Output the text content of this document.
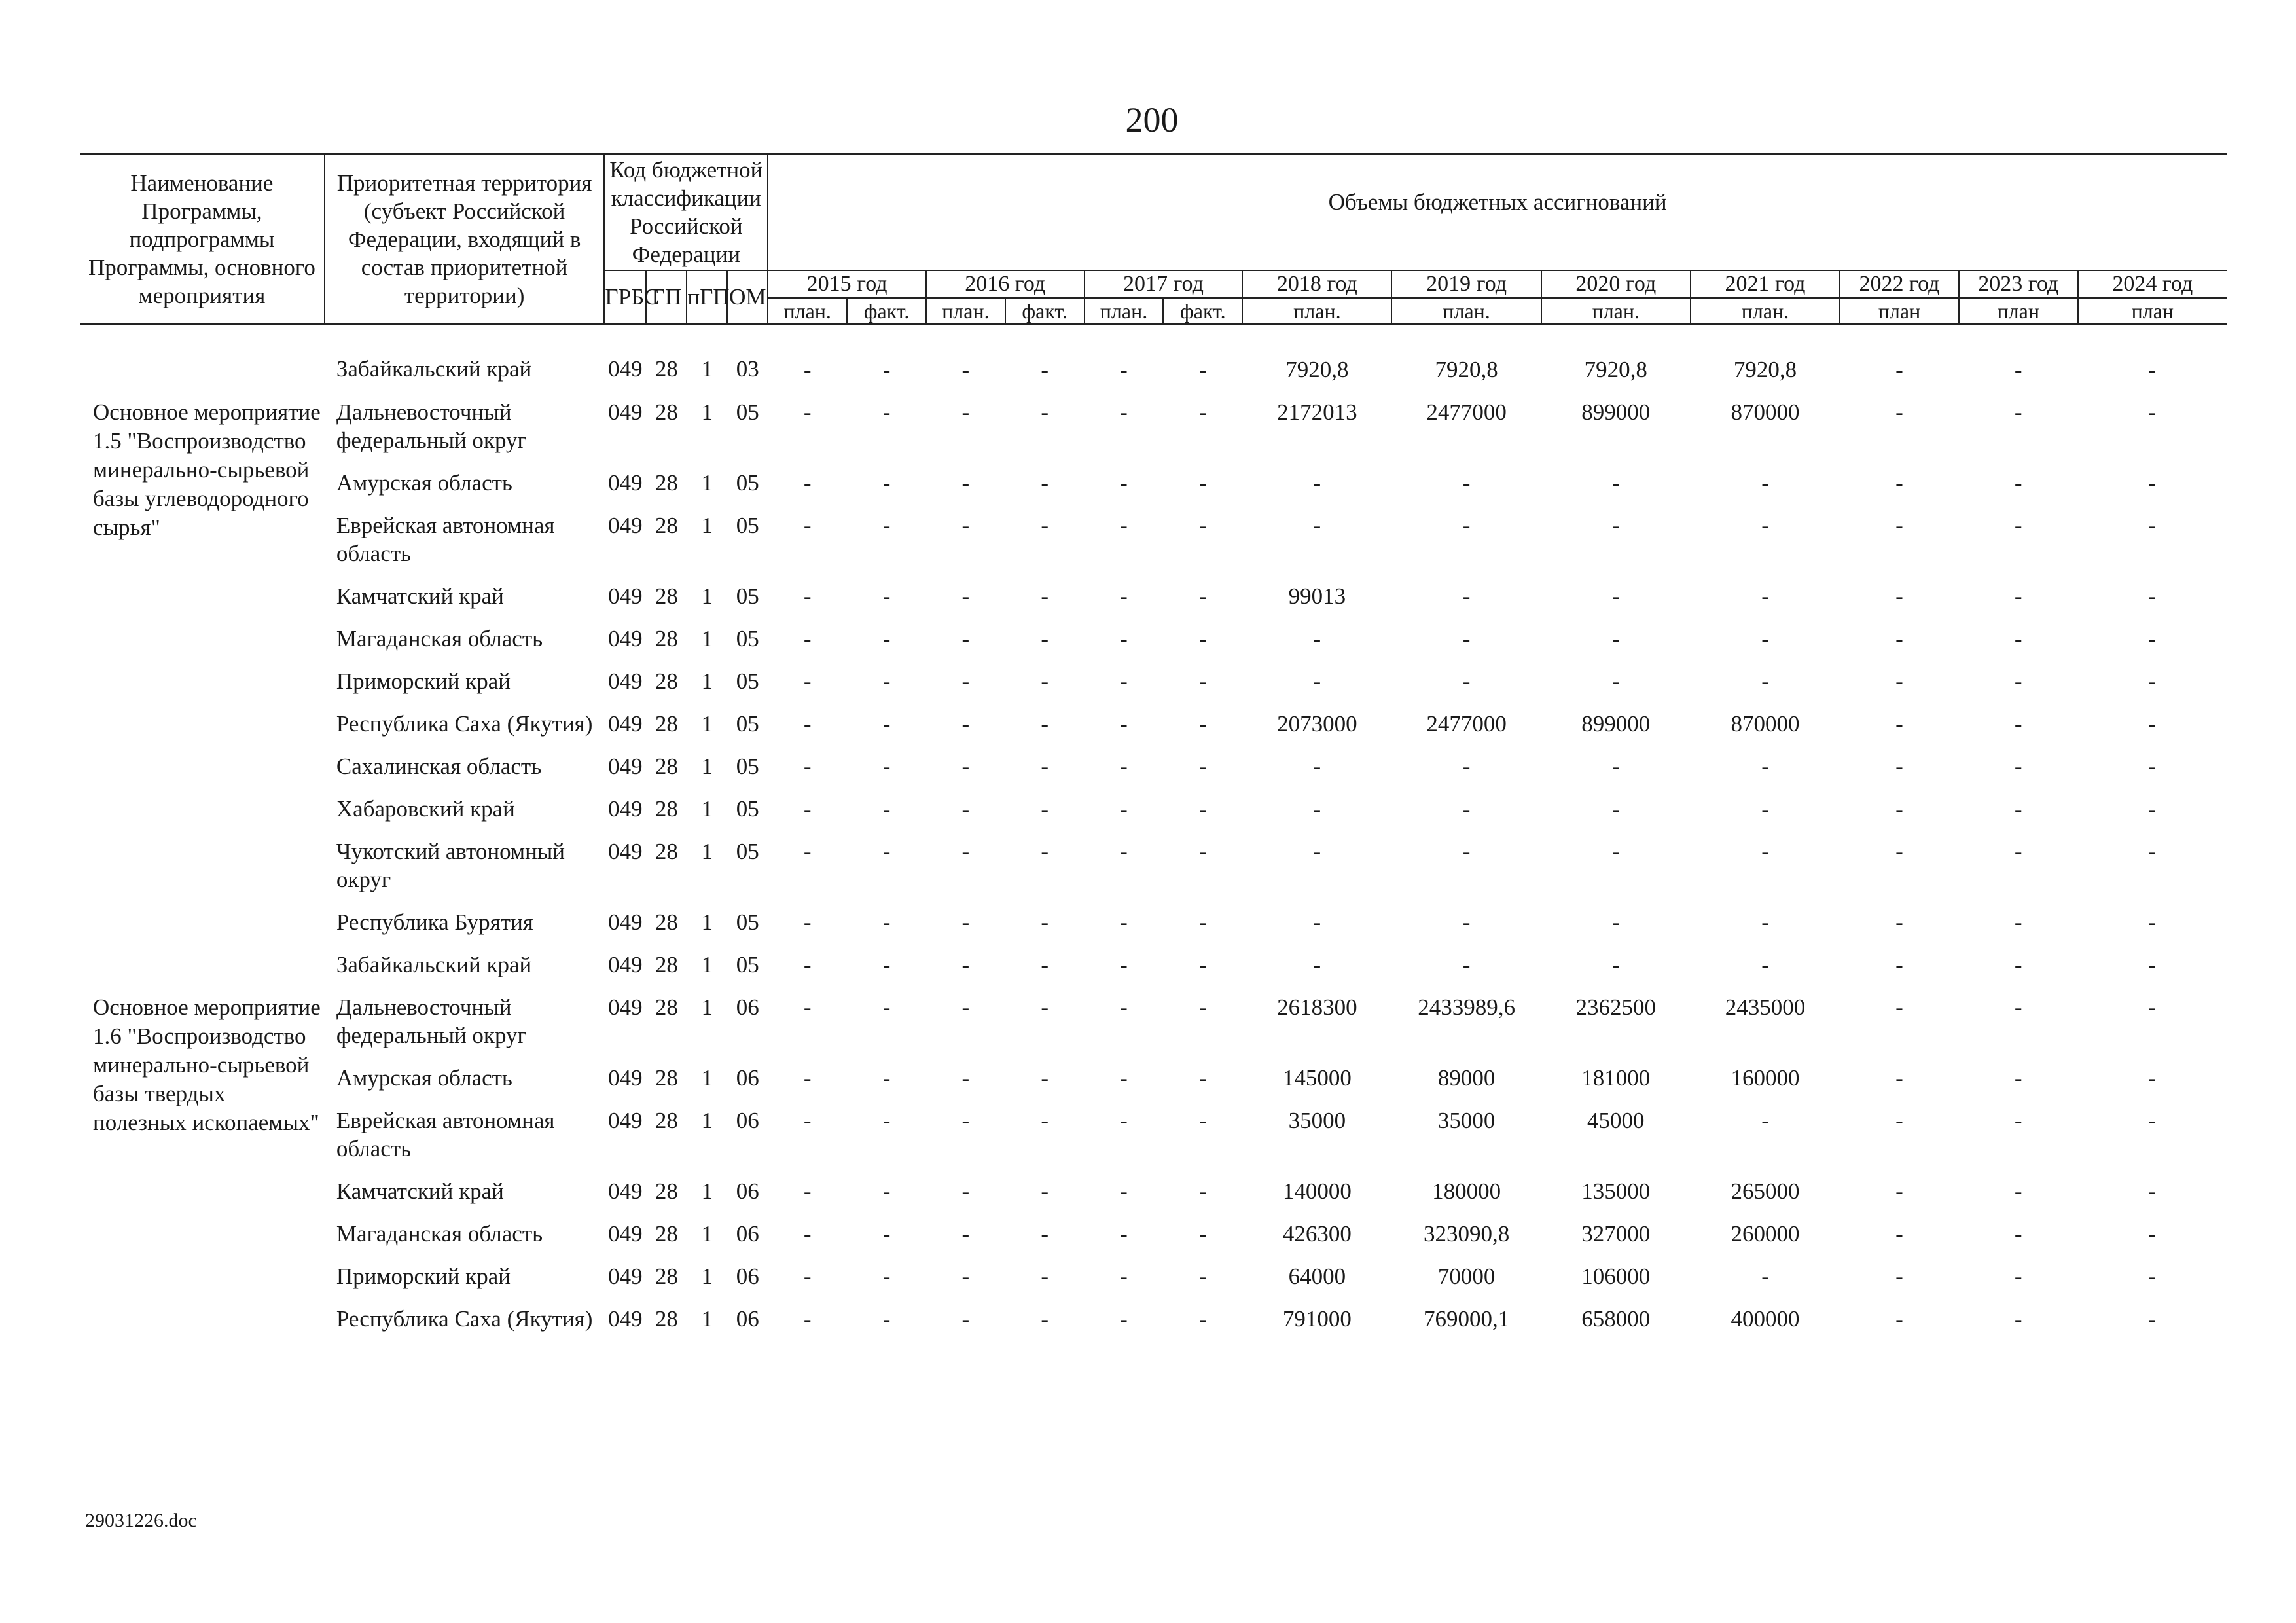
200
Наименование Программы, подпрограммы Программы, основного мероприятия	Приоритетная территория (субъект Российской Федерации, входящий в состав приоритетной территории)	Код бюджетной классификации Российской Федерации				Объемы бюджетных ассигнований												
		ГРБС	ГП	пГП	ОМ	2015 год		2016 год		2017 год		2018 год	2019 год	2020 год	2021 год	2022 год	2023 год	2024 год
						план.	факт.	план.	факт.	план.	факт.	план.	план.	план.	план.	план	план	план
	Забайкальский край	049	28	1	03	-	-	-	-	-	-	7920,8	7920,8	7920,8	7920,8	-	-	-
Основное мероприятие 1.5 "Воспроизводство минерально-сырьевой базы углеводородного сырья"	Дальневосточный федеральный округ	049	28	1	05	-	-	-	-	-	-	2172013	2477000	899000	870000	-	-	-
	Амурская область	049	28	1	05	-	-	-	-	-	-	-	-	-	-	-	-	-
	Еврейская автономная область	049	28	1	05	-	-	-	-	-	-	-	-	-	-	-	-	-
	Камчатский край	049	28	1	05	-	-	-	-	-	-	99013	-	-	-	-	-	-
	Магаданская область	049	28	1	05	-	-	-	-	-	-	-	-	-	-	-	-	-
	Приморский край	049	28	1	05	-	-	-	-	-	-	-	-	-	-	-	-	-
	Республика Саха (Якутия)	049	28	1	05	-	-	-	-	-	-	2073000	2477000	899000	870000	-	-	-
	Сахалинская область	049	28	1	05	-	-	-	-	-	-	-	-	-	-	-	-	-
	Хабаровский край	049	28	1	05	-	-	-	-	-	-	-	-	-	-	-	-	-
	Чукотский автономный округ	049	28	1	05	-	-	-	-	-	-	-	-	-	-	-	-	-
	Республика Бурятия	049	28	1	05	-	-	-	-	-	-	-	-	-	-	-	-	-
	Забайкальский край	049	28	1	05	-	-	-	-	-	-	-	-	-	-	-	-	-
Основное мероприятие 1.6 "Воспроизводство минерально-сырьевой базы твердых полезных ископаемых"	Дальневосточный федеральный округ	049	28	1	06	-	-	-	-	-	-	2618300	2433989,6	2362500	2435000	-	-	-
	Амурская область	049	28	1	06	-	-	-	-	-	-	145000	89000	181000	160000	-	-	-
	Еврейская автономная область	049	28	1	06	-	-	-	-	-	-	35000	35000	45000	-	-	-	-
	Камчатский край	049	28	1	06	-	-	-	-	-	-	140000	180000	135000	265000	-	-	-
	Магаданская область	049	28	1	06	-	-	-	-	-	-	426300	323090,8	327000	260000	-	-	-
	Приморский край	049	28	1	06	-	-	-	-	-	-	64000	70000	106000	-	-	-	-
	Республика Саха (Якутия)	049	28	1	06	-	-	-	-	-	-	791000	769000,1	658000	400000	-	-	-
29031226.doc
